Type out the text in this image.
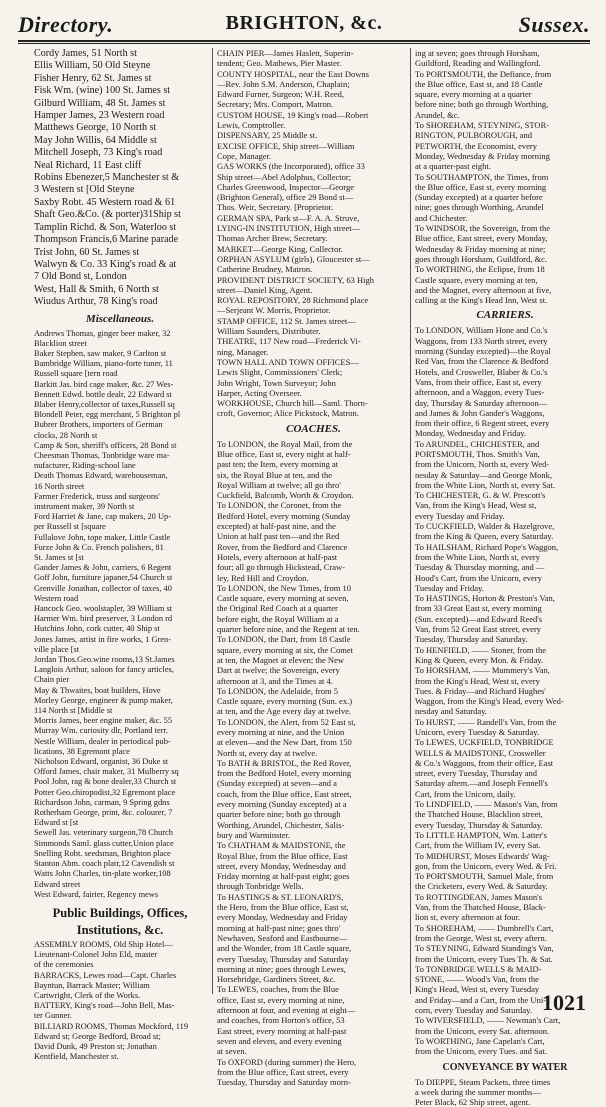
Directory.	BRIGHTON, &c.	Sussex.
Cordy James, 51 North st
Ellis William, 50 Old Steyne
Fisher Henry, 62 St. James st
Fisk Wm. (wine) 100 St. James st
Gilburd William, 48 St. James st
Hamper James, 23 Western road
Matthews George, 10 North st
May John Willis, 64 Middle st
Mitchell Joseph, 73 King's road
Neal Richard, 11 East cliff
Robins Ebenezer,5 Manchester st &
3 Western st [Old Steyne
Saxby Robt. 45 Western road & 61
Shaft Geo.&Co. (& porter)31Ship st
Tamplin Richd. & Son, Waterloo st
Thompson Francis,6 Marine parade
Trist John, 60 St. James st
Walwyn & Co. 33 King's road & at
7 Old Bond st, London
West, Hall & Smith, 6 North st
Wiudus Arthur, 78 King's road
Miscellaneous.
Andrews Thomas, ginger beer maker, 32
Blacklion street
Baker Stephen, saw maker, 9 Carlton st
Bambridge William, piano-forte tuner, 11
Russell square [tern road
Barkitt Jas. bird cage maker, &c. 27 Wes-
Bennett Edwd. bottle dealr, 22 Edward st
Blaber Henry,collector of taxes,Russell sq
Blondell Peter, egg merchant, 5 Brighton pl
Bubrer Brothers, importers of German
clocks, 28 North st
Camp & Son, sheriff's officers, 28 Bond st
Cheesman Thomas, Tonbridge ware ma-
nufacturer, Riding-school lane
Death Thomas Edward, warehouseman,
16 North street
Farmer Frederick, truss and surgeons'
instrument maker, 39 North st
Ford Harriet & Jane, cap makers, 20 Up-
per Russell st [square
Fullalove John, tope maker, Little Castle
Furze John & Co. French polishers, 81
St. James st [st
Gander James & John, carriers, 6 Regent
Goff John, furniture japaner,54 Church st
Grenville Jonathan, collector of taxes, 40
Western road
Hancock Geo. woolstapler, 39 William st
Harmer Wm. bird preserver, 3 London rd
Hutchins John, cork cutter, 40 Ship st
Jones James, artist in fire works, 1 Gren-
ville place [st
Jordan Thos.Geo.wine rooms,13 St.James
Langlois Arthur, saloon for fancy articles,
Chain pier
May & Thwaites, boat builders, Hove
Morley George, engineer & pump maker,
114 North st [Middle st
Morris James, beer engine maker, &c. 55
Murray Wm. curiosity dlr, Portland terr.
Nestle William, dealer in periodical pub-
lications, 38 Egremont place
Nicholson Edward, organist, 36 Duke st
Offord James, chair maker, 31 Mulberry sq
Pool John, rag & bone dealer,33 Church st
Potter Geo.chiropodist,32 Egremont place
Richardson John, carman, 9 Spring gdns
Rotherham George, print, &c. colourer, 7
Edward st [st
Sewell Jas. veterinary surgeon,78 Church
Simmonds Saml. glass cutter,Union place
Snelling Robt. seedsman, Brighton place
Stanton Abm. coach platr,12 Cavendish st
Watts John Charles, tin-plate worker,108
Edward street
West Edward, fairier, Regency mews
Public Buildings, Offices,
Institutions, &c.
ASSEMBLY ROOMS, Old Ship Hotel—
Lieutenant-Colonel John Eld, master
of the ceremonies
BARRACKS, Lewes road—Capt. Charles
Bayntun, Barrack Master; William
Cartwright, Clerk of the Works.
BATTERY, King's road—John Bell, Mas-
ter Gunner.
BILLIARD ROOMS, Thomas Mockford, 119
Edward st; George Bedford, Broad st;
David Dunk, 49 Preston st; Jonathan
Kentfield, Manchester st.
CHAIN PIER—James Haslett, Superin-
tendent; Geo. Mathews, Pier Master.
COUNTY HOSPITAL, near the East Downs
—Rev. John S.M. Anderson, Chaplain;
Edward Furner, Surgeon; W.H. Reed,
Secretary; Mrs. Comport, Matron.
CUSTOM HOUSE, 19 King's road—Robert
Lewis, Comptroller.
DISPENSARY, 25 Middle st.
EXCISE OFFICE, Ship street—William
Cope, Manager.
GAS WORKS (the Incorporated), office 33
Ship street—Abel Adolphus, Collector;
Charles Greenwood, Inspector—George
(Brighton General), office 29 Bond st—
Thos. Weir, Secretary. [Proprietor.
GERMAN SPA, Park st—F. A. A. Struve,
LYING-IN INSTITUTION, High street—
Thomas Archer Brew, Secretary.
MARKET—George King, Collector.
ORPHAN ASYLUM (girls), Gloucester st—
Catherine Brudney, Matron.
PROVIDENT DISTRICT SOCIETY, 63 High
street—Daniel King, Agent.
ROYAL REPOSITORY, 28 Richmond place
—Serjeant W. Morris, Proprietor.
STAMP OFFICE, 112 St. James street—
William Saunders, Distributer.
THEATRE, 117 New road—Frederick Vi-
ning, Manager.
TOWN HALL AND TOWN OFFICES—
Lewis Slight, Commissioners' Clerk;
John Wright, Town Surveyor; John
Harper, Acting Overseer.
WORKHOUSE, Church hill—Saml. Thorn-
croft, Governor; Alice Pickstock, Matron.
COACHES.
To LONDON, the Royal Mail, from the
Blue office, East st, every night at half-
past ten; the Item, every morning at
six, the Royal Blue at ten, and the
Royal William at twelve; all go thro'
Cuckfield, Balcomb, Worth & Croydon.
To LONDON, the Coronet, from the
Bedford Hotel, every morning (Sunday
excepted) at half-past nine, and the
Union at half past ten—and the Red
Rover, from the Bedford and Clarence
Hotels, every afternoon at half-past
four; all go through Hickstead, Craw-
ley, Red Hill and Croydon.
To LONDON, the New Times, from 10
Castle square, every morning at seven,
the Original Red Coach at a quarter
before eight, the Royal William at a
quarter before nine, and the Regent at ten.
To LONDON, the Dart, from 18 Castle
square, every morning at six, the Comet
at ten, the Magnet at eleven; the New
Dart at twelve; the Sovereign, every
afternoon at 3, and the Times at 4.
To LONDON, the Adelaide, from 5
Castle square, every morning (Sun. ex.)
at ten, and the Age every day at twelve.
To LONDON, the Alert, from 52 East st,
every morning at nine, and the Union
at eleven—and the New Dart, from 150
North st, every day at twelve.
To BATH & BRISTOL, the Red Rover,
from the Bedford Hotel, every morning
(Sunday excepted) at seven—and a
coach, from the Blue office, East street,
every morning (Sunday excepted) at a
quarter before nine; both go through
Worthing, Arundel, Chichester, Salis-
bury and Warminster.
To CHATHAM & MAIDSTONE, the
Royal Blue, from the Blue office, East
street, every Monday, Wednesday and
Friday morning at half-past eight; goes
through Tonbridge Wells.
To HASTINGS & ST. LEONARD'S,
the Hero, from the Blue office, East st,
every Monday, Wednesday and Friday
morning at half-past nine; goes thro'
Newhaven, Seaford and Eastbourne—
and the Wonder, from 18 Castle square,
every Tuesday, Thursday and Saturday
morning at nine; goes through Lewes,
Horsebridge, Gardiners Street, &c.
To LEWES, coaches, from the Blue
office, East st, every morning at nine,
afternoon at four, and evening at eight—
and coaches, from Horton's office, 53
East street, every morning at half-past
seven and eleven, and every evening
at seven.
To OXFORD (during summer) the Hero,
from the Blue office, East street, every
Tuesday, Thursday and Saturday morn-
ing at seven; goes through Horsham,
Guildford, Reading and Wallingford.
To PORTSMOUTH, the Defiance, from
the Blue office, East st, and 18 Castle
square, every morning at a quarter
before nine; both go through Worthing,
Arundel, &c.
To SHOREHAM, STEYNING, STOR-
RINGTON, PULBOROUGH, and
PETWORTH, the Economist, every
Monday, Wednesday & Friday morning
at a quarter-past eight.
To SOUTHAMPTON, the Times, from
the Blue office, East st, every morning
(Sunday excepted) at a quarter before
nine; goes through Worthing, Arundel
and Chichester.
To WINDSOR, the Sovereign, from the
Blue office, East street, every Monday,
Wednesday & Friday morning at nine;
goes through Horsham, Guildford, &c.
To WORTHING, the Eclipse, from 18
Castle square, every morning at ten,
and the Magnet, every afternoon at five,
calling at the King's Head Inn, West st.
CARRIERS.
To LONDON, William Hone and Co.'s
Waggons, from 133 North street, every
morning (Sunday excepted)—the Royal
Red Van, from the Clarence & Bedford
Hotels, and Crosweller, Blaber & Co.'s
Vans, from their office, East st, every
afternoon, and a Waggon, every Tues-
day, Thursday & Saturday afternoon—
and James & John Gander's Waggons,
from their office, 6 Regent street, every
Monday, Wednesday and Friday.
To ARUNDEL, CHICHESTER, and
PORTSMOUTH, Thos. Smith's Van,
from the Unicorn, North st, every Wed-
nesday & Saturday—and George Monk,
from the White Lion, North st, every Sat.
To CHICHESTER, G. & W. Prescott's
Van, from the King's Head, West st,
every Tuesday and Friday.
To CUCKFIELD, Walder & Hazelgrove,
from the King & Queen, every Saturday.
To HAILSHAM, Richard Pope's Waggon,
from the White Lion, North st, every
Tuesday & Thursday morning, and —
Hood's Cart, from the Unicorn, every
Tuesday and Friday.
To HASTINGS, Horton & Preston's Van,
from 33 Great East st, every morning
(Sun. excepted)—and Edward Reed's
Van, from 52 Great East street, every
Tuesday, Thursday and Saturday.
To HENFIELD, —— Stoner, from the
King & Queen, every Mon. & Friday.
To HORSHAM, —— Mummery's Van,
from the King's Head, West st, every
Tues. & Friday—and Richard Hughes'
Waggon, from the King's Head, every Wed-
nesday and Saturday.
To HURST, —— Randell's Van, from the
Unicorn, every Tuesday & Saturday.
To LEWES, UCKFIELD, TONBRIDGE
WELLS & MAIDSTONE, Crosweller
& Co.'s Waggons, from their office, East
street, every Tuesday, Thursday and
Saturday aftern.—and Joseph Fennell's
Cart, from the Unicorn, daily.
To LINDFIELD, —— Mason's Van, from
the Thatched House, Blacklion street,
every Tuesday, Thursday & Saturday.
To LITTLE HAMPTON, Wm. Latter's
Cart, from the William IV, every Sat.
To MIDHURST, Moses Edwards' Wag-
gon, from the Unicorn, every Wed. & Fri.
To PORTSMOUTH, Samuel Male, from
the Cricketers, every Wed. & Saturday.
To ROTTINGDEAN, James Mason's
Van, from the Thatched House, Black-
lion st, every afternoon at four.
To SHOREHAM, —— Dumbrell's Cart,
from the George, West st, every aftern.
To STEYNING, Edward Standing's Van,
from the Unicorn, every Tues Th. & Sat.
To TONBRIDGE WELLS & MAID-
STONE, —— Wood's Van, from the
King's Head, West st, every Tuesday
and Friday—and a Cart, from the Uni-
corn, every Tuesday and Saturday.
To WIVERSFIELD, —— Newman's Cart,
from the Unicorn, every Sat. afternoon.
To WORTHING, Jane Capelan's Cart,
from the Unicorn, every Tues. and Sat.
CONVEYANCE BY WATER
To DIEPPE, Steam Packets, three times
a week during the summer months—
Peter Black, 62 Ship street, agent.
1021
